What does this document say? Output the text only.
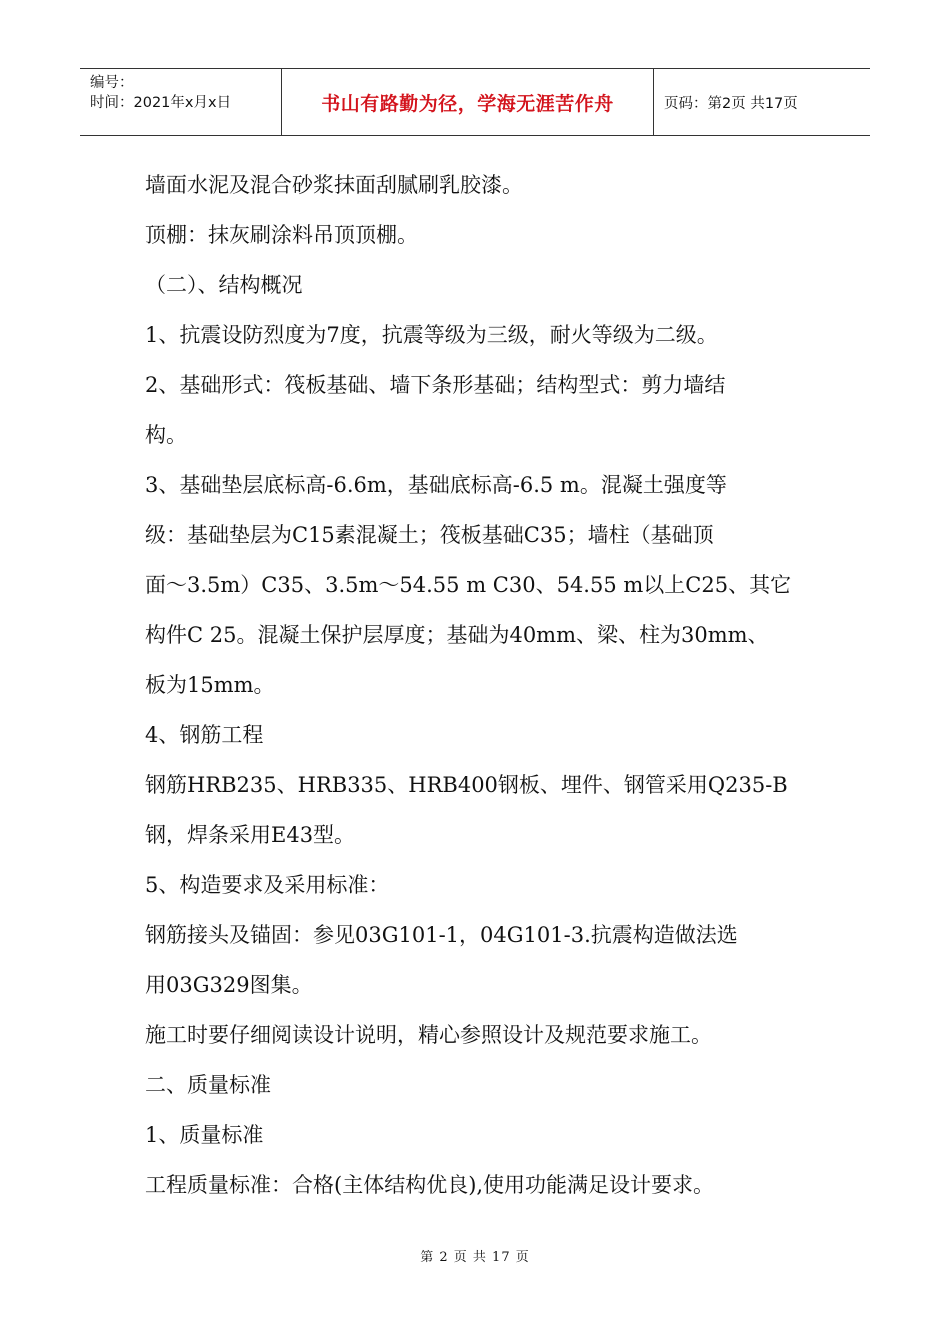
编号：
时间：2021年x月x日	书山有路勤为径，学海无涯苦作舟	页码：第2页 共17页

墙面水泥及混合砂浆抹面刮腻刷乳胶漆。

顶棚：抹灰刷涂料吊顶顶棚。

（二）、结构概况

1、抗震设防烈度为7度，抗震等级为三级，耐火等级为二级。

2、基础形式：筏板基础、墙下条形基础；结构型式：剪力墙结

构。

3、基础垫层底标高-6.6m，基础底标高-6.5 m。混凝土强度等

级：基础垫层为C15素混凝土；筏板基础C35；墙柱（基础顶

面～3.5m）C35、3.5m～54.55 m C30、54.55 m以上C25、其它

构件C 25。混凝土保护层厚度；基础为40mm、梁、柱为30mm、

板为15mm。

4、钢筋工程

钢筋HRB235、HRB335、HRB400钢板、埋件、钢管采用Q235-B

钢，焊条采用E43型。

5、构造要求及采用标准：

钢筋接头及锚固：参见03G101-1，04G101-3.抗震构造做法选

用03G329图集。

施工时要仔细阅读设计说明，精心参照设计及规范要求施工。

二、质量标准

1、质量标准

工程质量标准：合格(主体结构优良),使用功能满足设计要求。

第 2 页 共 17 页
